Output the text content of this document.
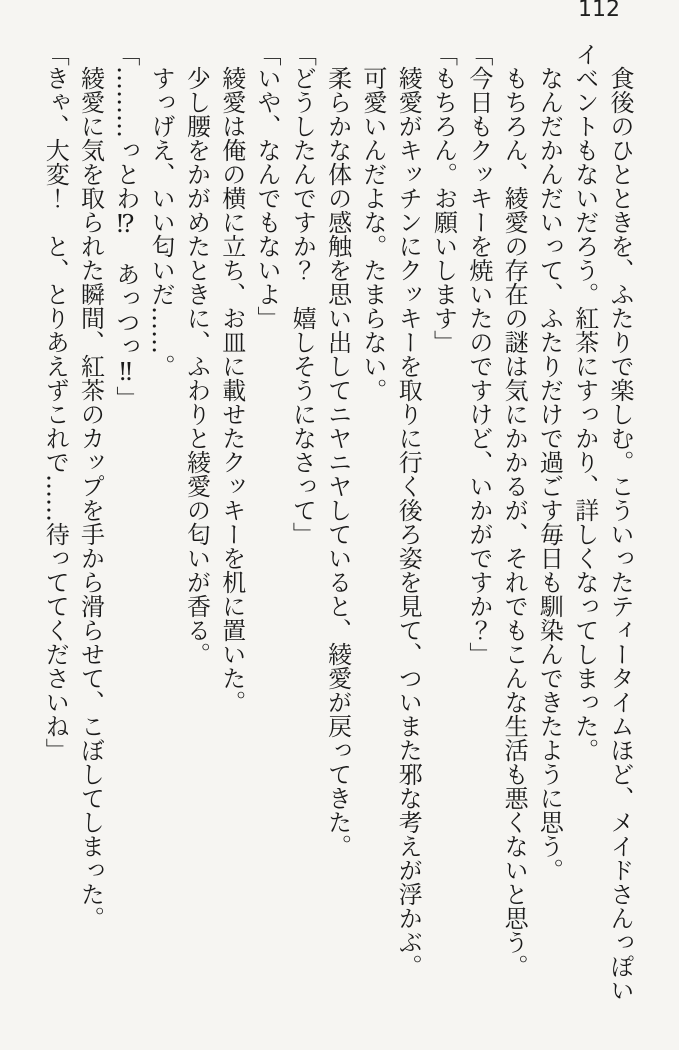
112

食後のひとときを、ふたりで楽しむ。こういったティータイムほど、メイドさんっぽいイベントもないだろう。紅茶にすっかり、詳しくなってしまった。

なんだかんだいって、ふたりだけで過ごす毎日も馴染んできたように思う。

もちろん、綾愛の存在の謎は気にかかるが、それでもこんな生活も悪くないと思う。

「今日もクッキーを焼いたのですけど、いかがですか？」

「もちろん。お願いします」

綾愛がキッチンにクッキーを取りに行く後ろ姿を見て、ついまた邪な考えが浮かぶ。

可愛いんだよな。たまらない。

柔らかな体の感触を思い出してニヤニヤしていると、綾愛が戻ってきた。

「どうしたんですか？　嬉しそうになさって」

「いや、なんでもないよ」

綾愛は俺の横に立ち、お皿に載せたクッキーを机に置いた。

少し腰をかがめたときに、ふわりと綾愛の匂いが香る。

すっげえ、いい匂いだ……。

「………っとわ⁉　あっつっ‼」

綾愛に気を取られた瞬間、紅茶のカップを手から滑らせて、こぼしてしまった。

「きゃ、大変！　と、とりあえずこれで……待っててくださいね」
